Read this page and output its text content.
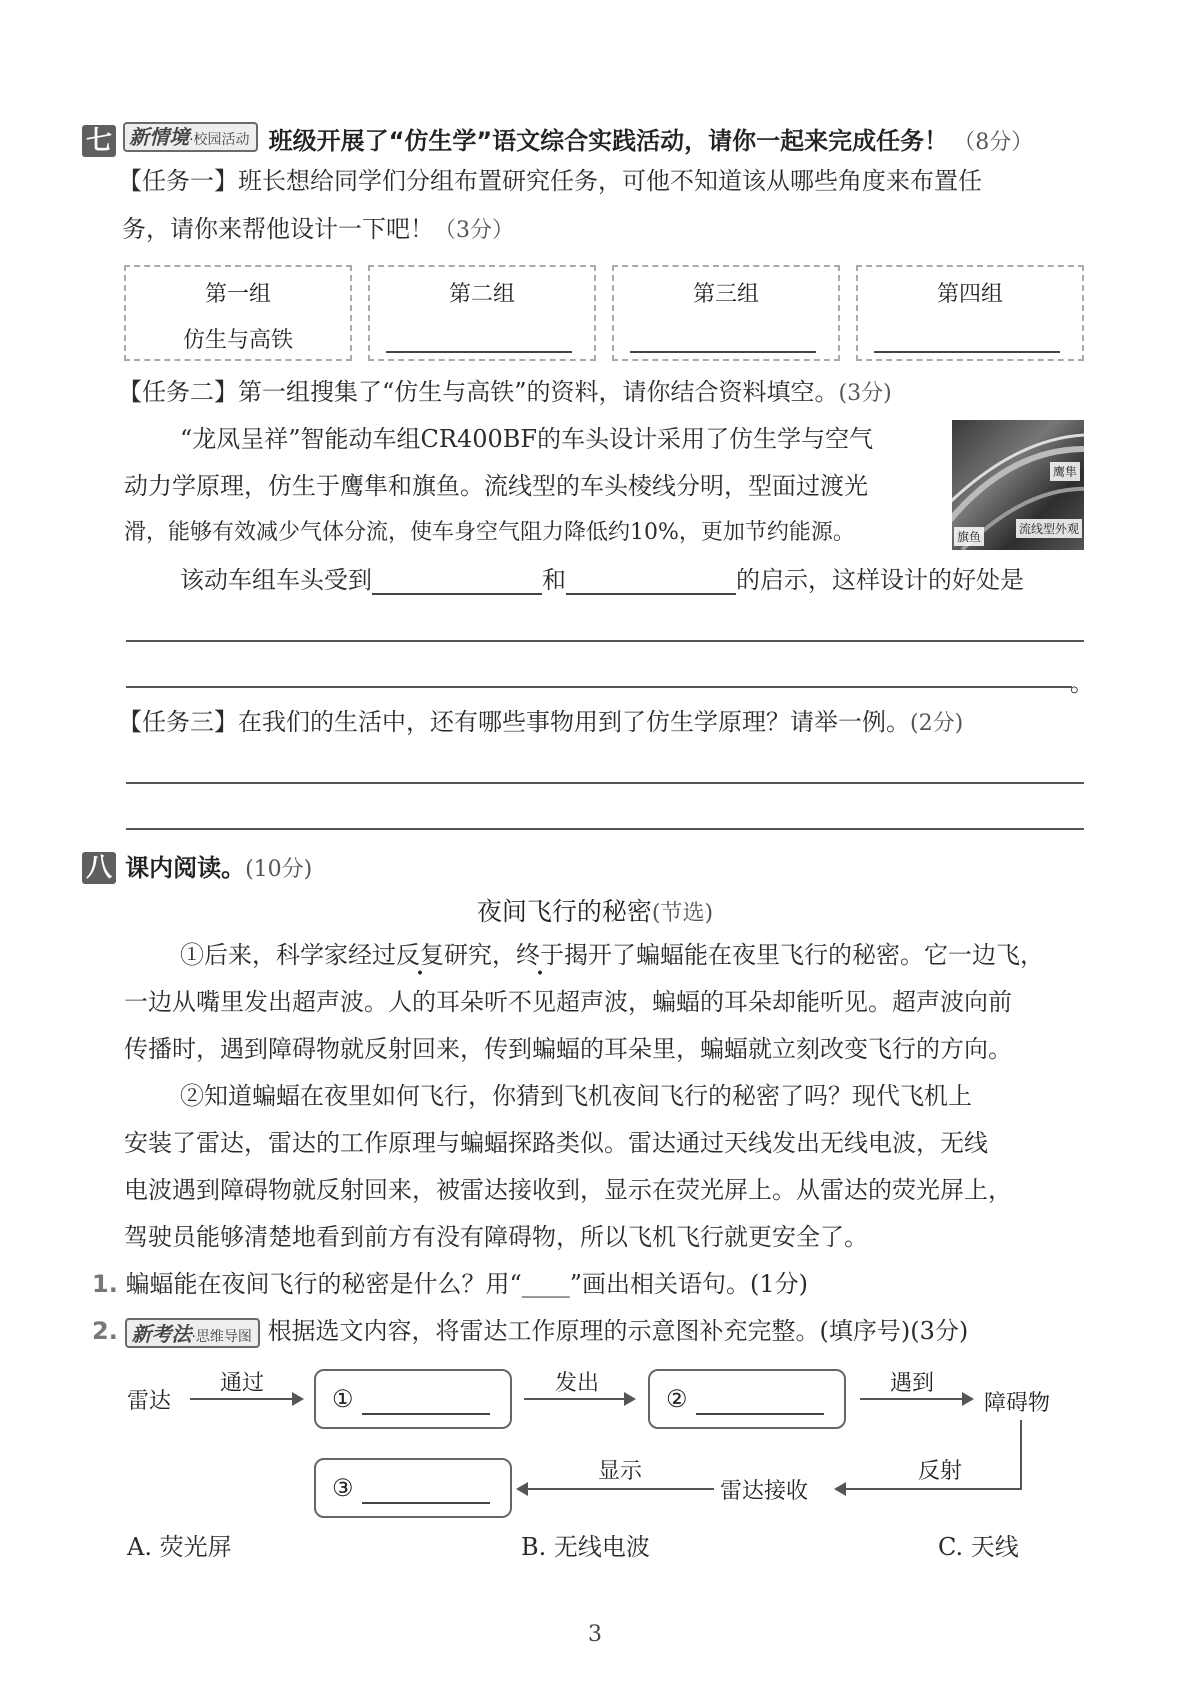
七 新情境·校园活动 班级开展了“仿生学”语文综合实践活动，请你一起来完成任务！ （8分）
【任务一】班长想给同学们分组布置研究任务，可他不知道该从哪些角度来布置任
务，请你来帮他设计一下吧！（3分）
第一组
仿生与高铁
第二组	第三组	第四组
【任务二】第一组搜集了“仿生与高铁”的资料，请你结合资料填空。(3分)
“龙凤呈祥”智能动车组CR400BF的车头设计采用了仿生学与空气
动力学原理，仿生于鹰隼和旗鱼。流线型的车头棱线分明，型面过渡光
滑，能够有效减少气体分流，使车身空气阻力降低约10%，更加节约能源。
鹰隼
旗鱼
流线型外观
该动车组车头受到	和	的启示，这样设计的好处是
。
【任务三】在我们的生活中，还有哪些事物用到了仿生学原理？请举一例。(2分)
八 课内阅读。(10分)
夜间飞行的秘密(节选)
①后来，科学家经过反复研究，终于揭开了蝙蝠能在夜里飞行的秘密。它一边飞，
一边从嘴里发出超声波。人的耳朵听不见超声波，蝙蝠的耳朵却能听见。超声波向前
传播时，遇到障碍物就反射回来，传到蝙蝠的耳朵里，蝙蝠就立刻改变飞行的方向。
②知道蝙蝠在夜里如何飞行，你猜到飞机夜间飞行的秘密了吗？现代飞机上
安装了雷达，雷达的工作原理与蝙蝠探路类似。雷达通过天线发出无线电波，无线
电波遇到障碍物就反射回来，被雷达接收到，显示在荧光屏上。从雷达的荧光屏上，
驾驶员能够清楚地看到前方有没有障碍物，所以飞机飞行就更安全了。
1. 蝙蝠能在夜间飞行的秘密是什么？用“____”画出相关语句。(1分)
2. 新考法·思维导图 根据选文内容，将雷达工作原理的示意图补充完整。(填序号)(3分)
雷达
通过
①
发出
②
遇到
障碍物
反射
雷达接收
显示
③
A. 荧光屏	B. 无线电波	C. 天线
3
